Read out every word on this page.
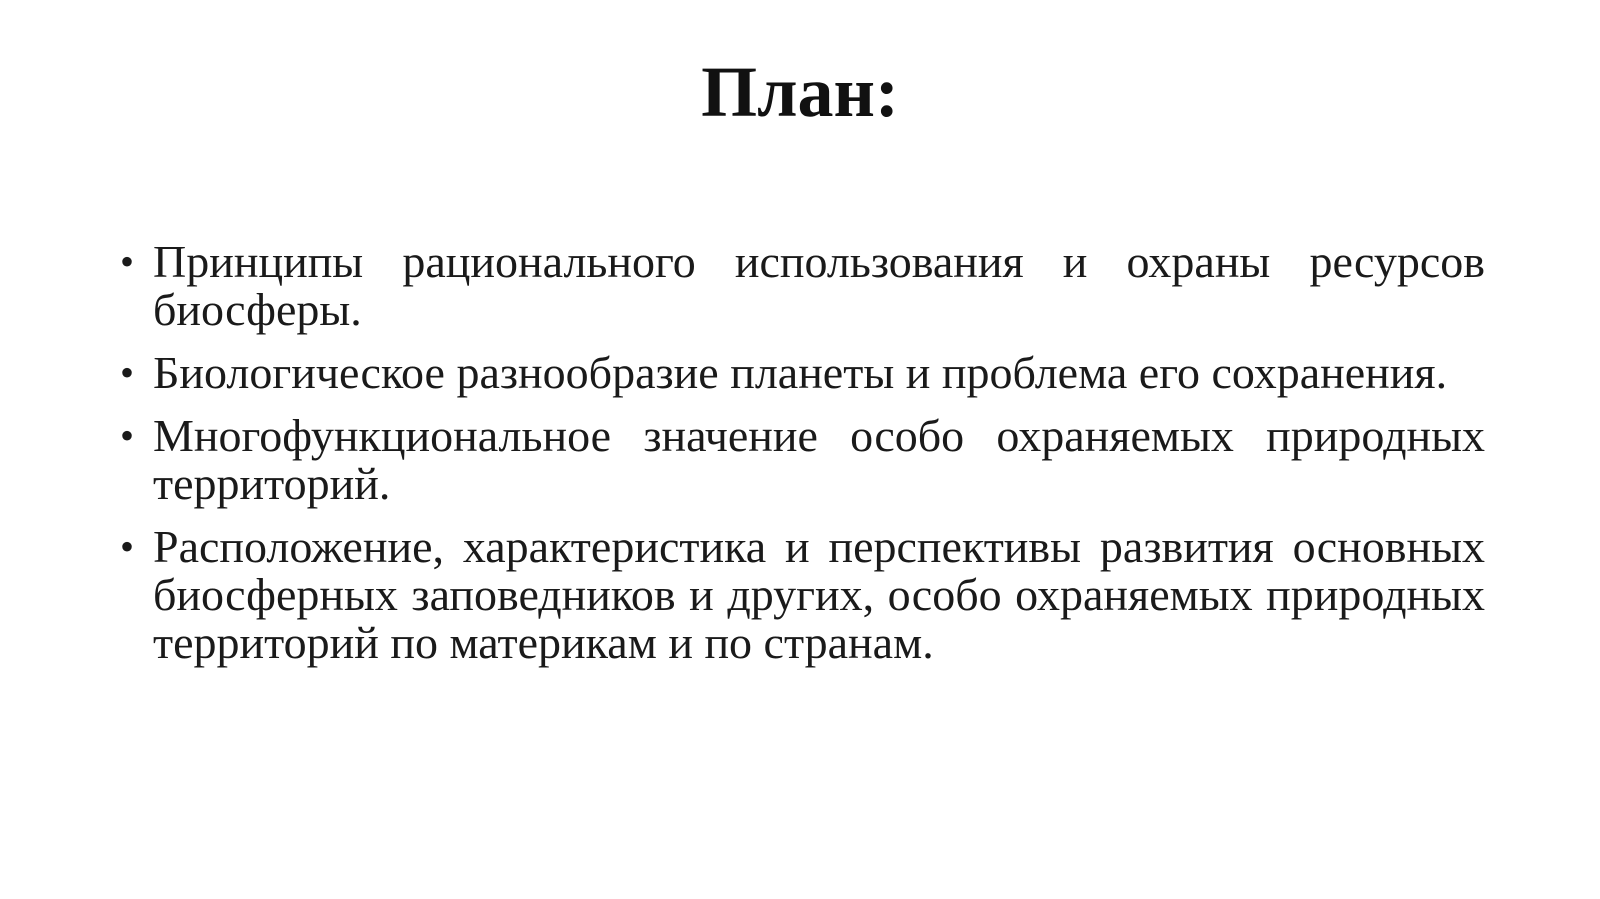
План:
• Принципы рационального использования и охраны ресурсов биосферы.
• Биологическое разнообразие планеты и проблема его сохранения.
• Многофункциональное значение особо охраняемых природных территорий.
• Расположение, характеристика и перспективы развития основных биосферных заповедников и других, особо охраняемых природных территорий по материкам и по странам.
